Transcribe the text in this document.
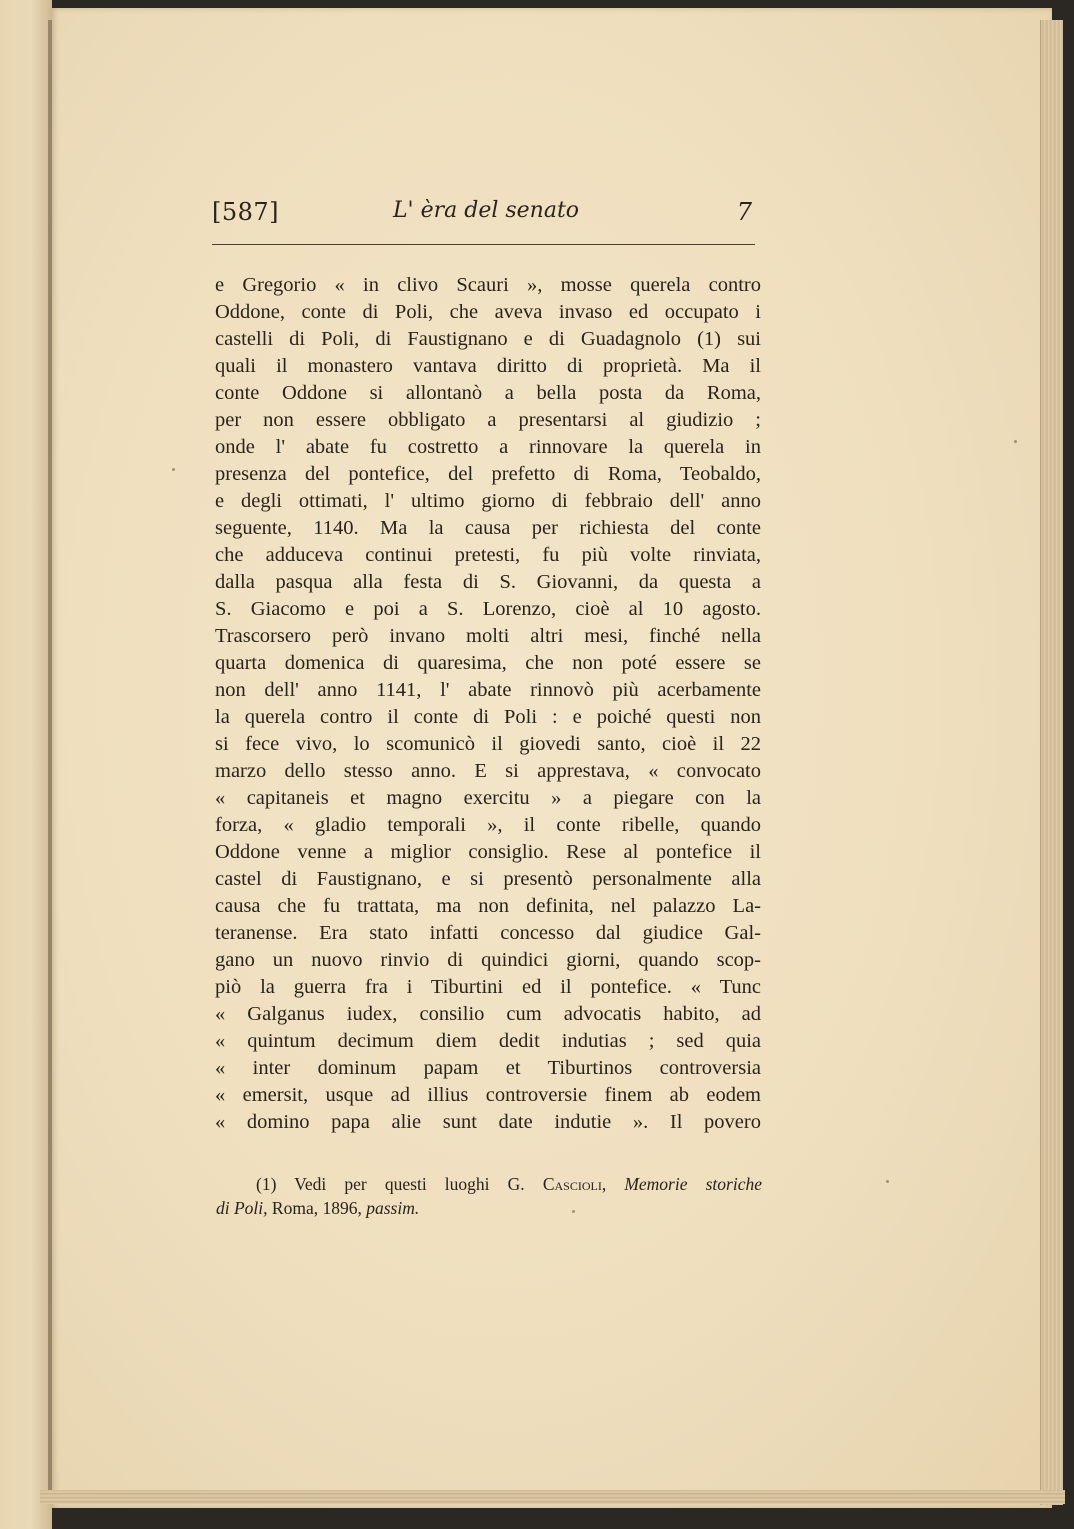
[587]	L' èra del senato	7
e Gregorio « in clivo Scauri », mosse querela contro
Oddone, conte di Poli, che aveva invaso ed occupato i
castelli di Poli, di Faustignano e di Guadagnolo (1) sui
quali il monastero vantava diritto di proprietà. Ma il
conte Oddone si allontanò a bella posta da Roma,
per non essere obbligato a presentarsi al giudizio ;
onde l' abate fu costretto a rinnovare la querela in
presenza del pontefice, del prefetto di Roma, Teobaldo,
e degli ottimati, l' ultimo giorno di febbraio dell' anno
seguente, 1140. Ma la causa per richiesta del conte
che adduceva continui pretesti, fu più volte rinviata,
dalla pasqua alla festa di S. Giovanni, da questa a
S. Giacomo e poi a S. Lorenzo, cioè al 10 agosto.
Trascorsero però invano molti altri mesi, finché nella
quarta domenica di quaresima, che non poté essere se
non dell' anno 1141, l' abate rinnovò più acerbamente
la querela contro il conte di Poli : e poiché questi non
si fece vivo, lo scomunicò il giovedi santo, cioè il 22
marzo dello stesso anno. E si apprestava, « convocato
« capitaneis et magno exercitu » a piegare con la
forza, « gladio temporali », il conte ribelle, quando
Oddone venne a miglior consiglio. Rese al pontefice il
castel di Faustignano, e si presentò personalmente alla
causa che fu trattata, ma non definita, nel palazzo La-
teranense. Era stato infatti concesso dal giudice Gal-
gano un nuovo rinvio di quindici giorni, quando scop-
piò la guerra fra i Tiburtini ed il pontefice. « Tunc
« Galganus iudex, consilio cum advocatis habito, ad
« quintum decimum diem dedit indutias ; sed quia
« inter dominum papam et Tiburtinos controversia
« emersit, usque ad illius controversie finem ab eodem
« domino papa alie sunt date indutie ». Il povero
(1) Vedi per questi luoghi G. Cascioli, Memorie storiche
di Poli, Roma, 1896, passim.
